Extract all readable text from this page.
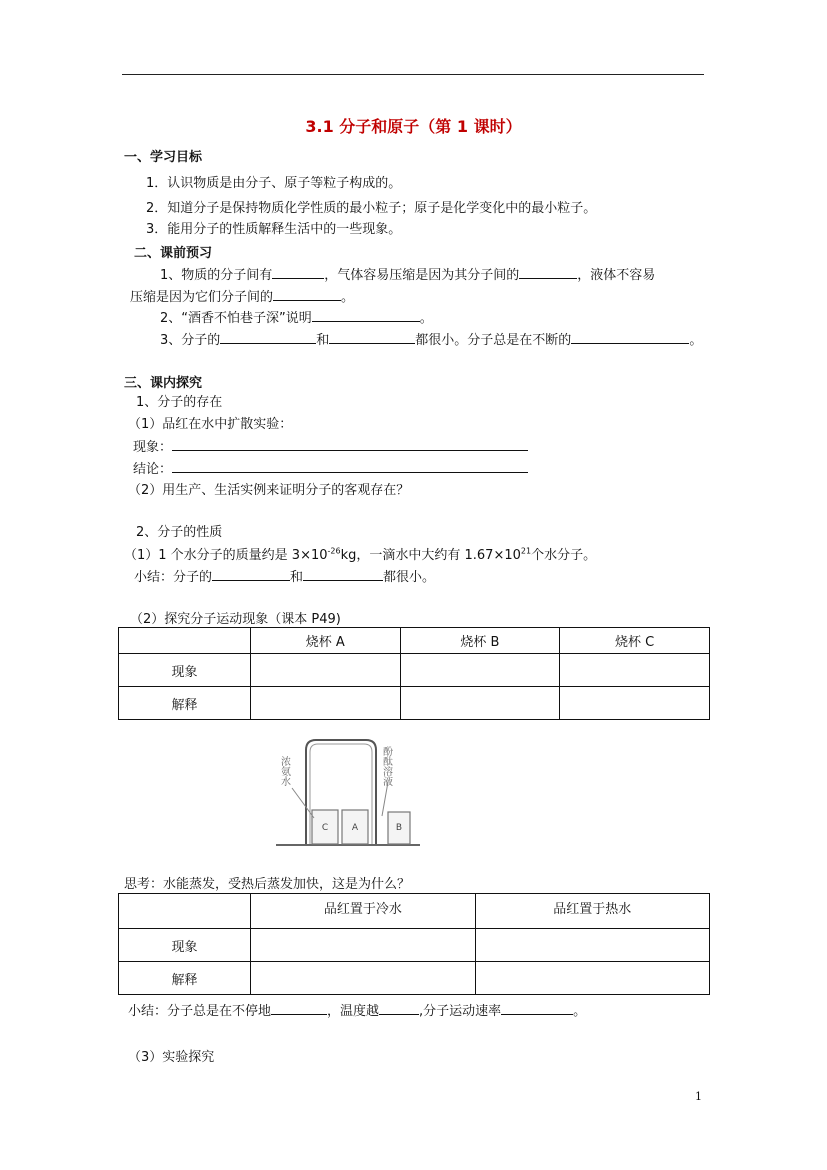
3.1 分子和原子（第 1 课时）
一、学习目标
1．认识物质是由分子、原子等粒子构成的。
2．知道分子是保持物质化学性质的最小粒子；原子是化学变化中的最小粒子。
3．能用分子的性质解释生活中的一些现象。
二、课前预习
1、物质的分子间有	，气体容易压缩是因为其分子间的	，液体不容易
压缩是因为它们分子间的	。
2、“酒香不怕巷子深”说明	。
3、分子的	和	都很小。分子总是在不断的	。
三、课内探究
1、分子的存在
（1）品红在水中扩散实验：
现象：
结论：
（2）用生产、生活实例来证明分子的客观存在？
2、分子的性质
（1）1 个水分子的质量约是 $3\times 10^{-26}kg$，一滴水中大约有 $1.67\times 10^{21}$个水分子。
小结：分子的	和	都很小。
（2）探究分子运动现象（课本 P49)
	烧杯 A	烧杯 B	烧杯 C
现象			
解释			
C	A	B
浓氨水	酚酞溶液
思考：水能蒸发，受热后蒸发加快，这是为什么？
	品红置于冷水	品红置于热水
现象		
解释		
小结：分子总是在不停地	，温度越	,分子运动速率	。
（3）实验探究
1
